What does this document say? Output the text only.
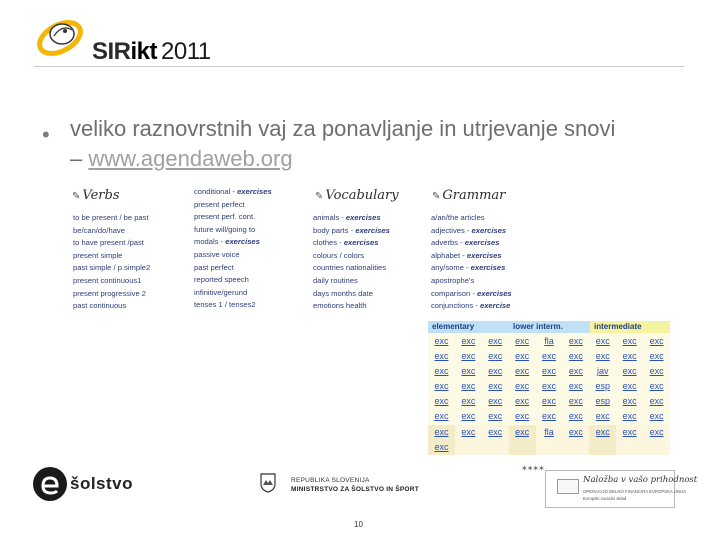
SIRikt 2011
• veliko raznovrstnih vaj za ponavljanje in utrjevanje snovi – www.agendaweb.org
✎ Verbs	✎ Vocabulary	✎ Grammar
to be present / be past
be/can/do/have
to have present /past
present simple
past simple / p.simple2
present continuous1
present progressive 2
past continuous
conditional - exercises
present perfect
present perf. cont.
future will/going to
modals - exercises
passive voice
past perfect
reported speech
infinitive/gerund
tenses 1 / tenses2
animals - exercises
body parts - exercises
clothes - exercises
colours / colors
countries nationalities
daily routines
days months date
emotions health
a/an/the articles
adjectives - exercises
adverbs - exercises
alphabet - exercises
any/some - exercises
apostrophe's
comparison - exercises
conjunctions - exercise
elementary	lower interm.	intermediate
exc	exc	exc	exc	fla	exc	exc	exc	exc
exc	exc	exc	exc	exc	exc	exc	exc	exc
exc	exc	exc	exc	exc	exc	jav	exc	exc
exc	exc	exc	exc	exc	exc	esp	exc	exc
exc	exc	exc	exc	exc	exc	esp	exc	exc
exc	exc	exc	exc	exc	exc	exc	exc	exc
exc	exc	exc	exc	fla	exc	exc	exc	exc
exc
šolstvo	REPUBLIKA SLOVENIJA
MINISTRSTVO ZA ŠOLSTVO IN ŠPORT
✶✶✶✶
Naložba v vašo prihodnost
OPERACIJO DELNO FINANCIRA EVROPSKA UNIJA
Evropski socialni sklad
10
